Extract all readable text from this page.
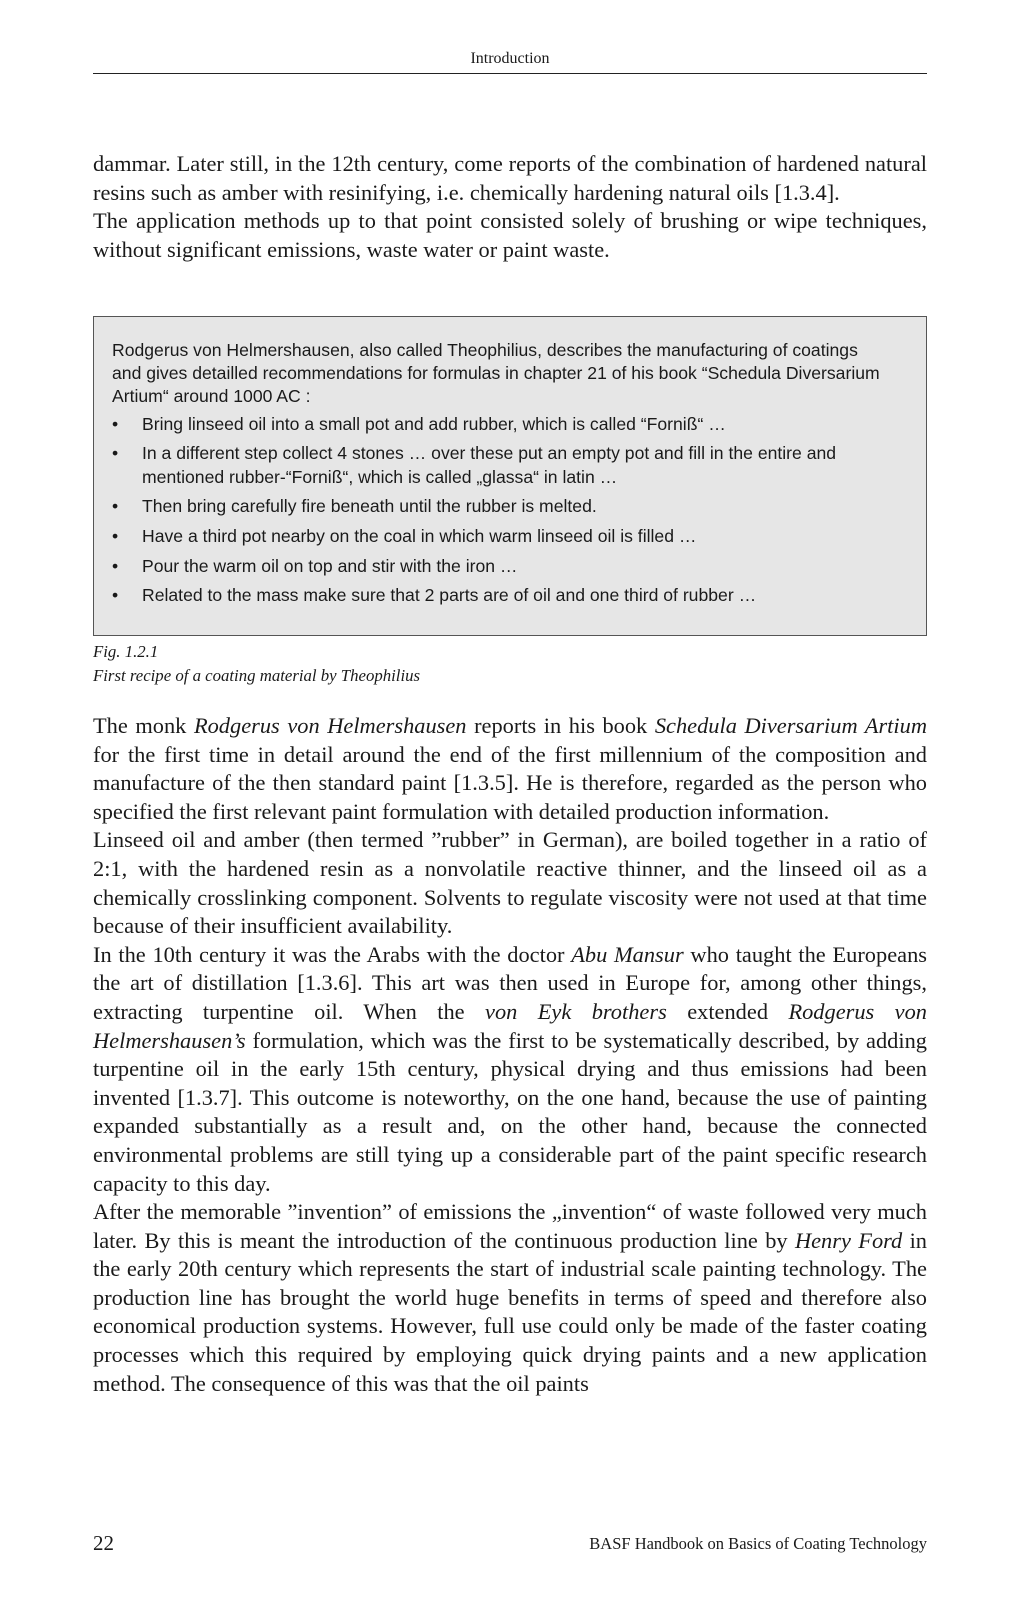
Introduction

dammar. Later still, in the 12th century, come reports of the combination of hardened natural resins such as amber with resinifying, i.e. chemically hardening natural oils [1.3.4].

The application methods up to that point consisted solely of brushing or wipe techniques, without significant emissions, waste water or paint waste.

Rodgerus von Helmershausen, also called Theophilius, describes the manufacturing of coatings and gives detailled recommendations for formulas in chapter 21 of his book “Schedula Diversarium Artium“ around 1000 AC :

• Bring linseed oil into a small pot and add rubber, which is called “Fornіß“ …
• In a different step collect 4 stones … over these put an empty pot and fill in the entire and mentioned rubber-“Fornіß“, which is called „glassa“ in latin …
• Then bring carefully fire beneath until the rubber is melted.
• Have a third pot nearby on the coal in which warm linseed oil is filled …
• Pour the warm oil on top and stir with the iron …
• Related to the mass make sure that 2 parts are of oil and one third of rubber …
Fig. 1.2.1
First recipe of a coating material by Theophilius

The monk Rodgerus von Helmershausen reports in his book Schedula Diversarium Artium for the first time in detail around the end of the first millennium of the composition and manufacture of the then standard paint [1.3.5]. He is therefore, regarded as the person who specified the first relevant paint formulation with detailed production information.

Linseed oil and amber (then termed ”rubber” in German), are boiled together in a ratio of 2:1, with the hardened resin as a nonvolatile reactive thinner, and the linseed oil as a chemically crosslinking component. Solvents to regulate viscosity were not used at that time because of their insufficient availability.

In the 10th century it was the Arabs with the doctor Abu Mansur who taught the Europeans the art of distillation [1.3.6]. This art was then used in Europe for, among other things, extracting turpentine oil. When the von Eyk brothers extended Rodgerus von Helmershausen’s formulation, which was the first to be systematically described, by adding turpentine oil in the early 15th century, physical drying and thus emissions had been invented [1.3.7]. This outcome is noteworthy, on the one hand, because the use of painting expanded substantially as a result and, on the other hand, because the connected environmental problems are still tying up a considerable part of the paint specific research capacity to this day.

After the memorable ”invention” of emissions the „invention“ of waste followed very much later. By this is meant the introduction of the continuous production line by Henry Ford in the early 20th century which represents the start of industrial scale painting technology. The production line has brought the world huge benefits in terms of speed and therefore also economical production systems. However, full use could only be made of the faster coating processes which this required by employing quick drying paints and a new application method. The consequence of this was that the oil paints

22	BASF Handbook on Basics of Coating Technology
